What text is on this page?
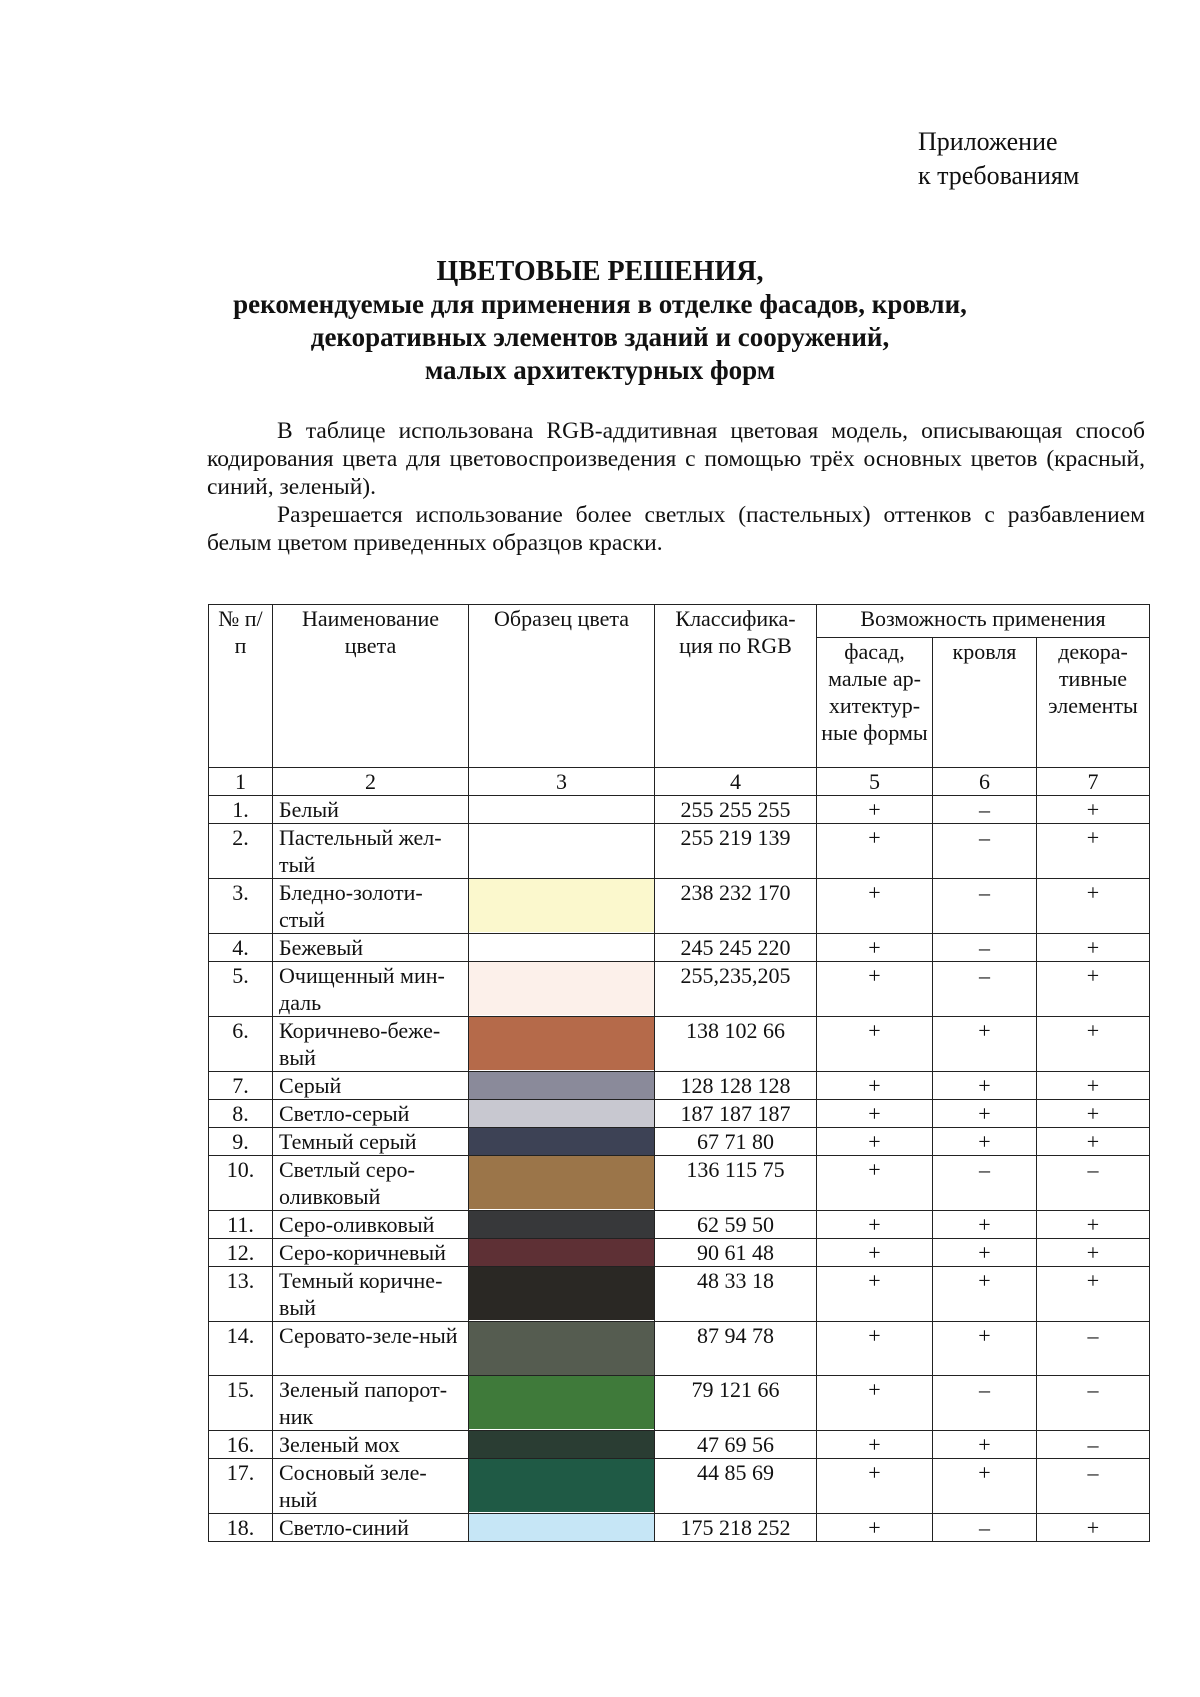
Приложение
к требованиям
ЦВЕТОВЫЕ РЕШЕНИЯ,
рекомендуемые для применения в отделке фасадов, кровли,
декоративных элементов зданий и сооружений,
малых архитектурных форм

В таблице использована RGB-аддитивная цветовая модель, описывающая способ кодирования цвета для цветовоспроизведения с помощью трёх основных цветов (красный, синий, зеленый).

Разрешается использование более светлых (пастельных) оттенков с разбавлением белым цветом приведенных образцов краски.

№ п/п	Наименование цвета	Образец цвета	Классифика-ция по RGB	Возможность применения		
				фасад, малые ар-хитектур-ные формы	кровля	декора-тивные элементы
1	2	3	4	5	6	7
1.	Белый		255 255 255	+	–	+
2.	Пастельный жел-тый		255 219 139	+	–	+
3.	Бледно-золоти-стый		238 232 170	+	–	+
4.	Бежевый		245 245 220	+	–	+
5.	Очищенный мин-даль		255,235,205	+	–	+
6.	Коричнево-беже-вый		138 102 66	+	+	+
7.	Серый		128 128 128	+	+	+
8.	Светло-серый		187 187 187	+	+	+
9.	Темный серый		67 71 80	+	+	+
10.	Светлый серо-оливковый		136 115 75	+	–	–
11.	Серо-оливковый		62 59 50	+	+	+
12.	Серо-коричневый		90 61 48	+	+	+
13.	Темный коричне-вый		48 33 18	+	+	+
14.	Серовато-зеле-ный		87 94 78	+	+	–
15.	Зеленый папорот-ник		79 121 66	+	–	–
16.	Зеленый мох		47 69 56	+	+	–
17.	Сосновый зеле-ный		44 85 69	+	+	–
18.	Светло-синий		175 218 252	+	–	+
